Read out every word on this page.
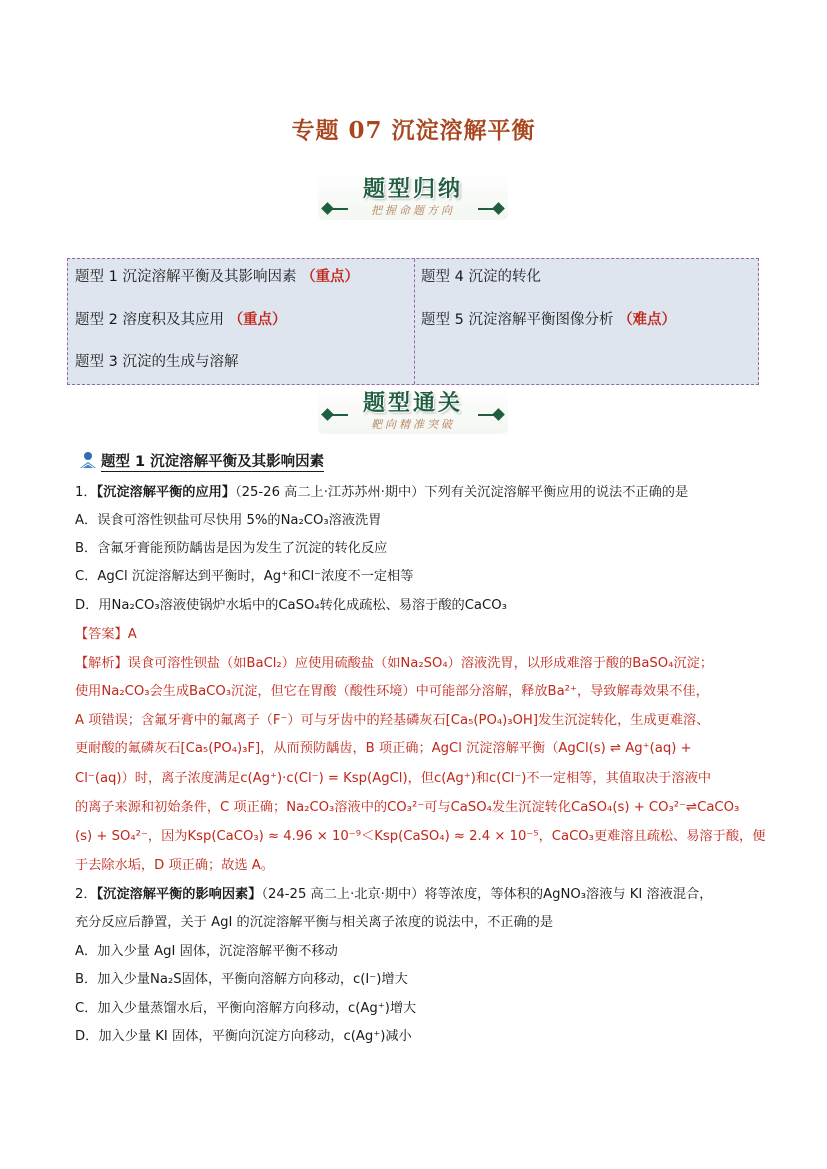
专题 07 沉淀溶解平衡
题型归纳
把握命题方向
题型 1 沉淀溶解平衡及其影响因素 （重点）
题型 2 溶度积及其应用 （重点）
题型 3 沉淀的生成与溶解
题型 4 沉淀的转化
题型 5 沉淀溶解平衡图像分析 （难点）
题型通关
靶向精准突破
题型 1 沉淀溶解平衡及其影响因素
1．【沉淀溶解平衡的应用】（25-26 高二上·江苏苏州·期中）下列有关沉淀溶解平衡应用的说法不正确的是
A．误食可溶性钡盐可尽快用 5%的Na₂CO₃溶液洗胃
B．含氟牙膏能预防龋齿是因为发生了沉淀的转化反应
C．AgCl 沉淀溶解达到平衡时，Ag⁺和Cl⁻浓度不一定相等
D．用Na₂CO₃溶液使锅炉水垢中的CaSO₄转化成疏松、易溶于酸的CaCO₃
【答案】A
【解析】误食可溶性钡盐（如BaCl₂）应使用硫酸盐（如Na₂SO₄）溶液洗胃，以形成难溶于酸的BaSO₄沉淀；
使用Na₂CO₃会生成BaCO₃沉淀，但它在胃酸（酸性环境）中可能部分溶解，释放Ba²⁺，导致解毒效果不佳，
A 项错误；含氟牙膏中的氟离子（F⁻）可与牙齿中的羟基磷灰石[Ca₅(PO₄)₃OH]发生沉淀转化，生成更难溶、
更耐酸的氟磷灰石[Ca₅(PO₄)₃F]，从而预防龋齿，B 项正确；AgCl 沉淀溶解平衡（AgCl(s) ⇌ Ag⁺(aq) +
Cl⁻(aq)）时，离子浓度满足c(Ag⁺)·c(Cl⁻) = Ksp(AgCl)，但c(Ag⁺)和c(Cl⁻)不一定相等，其值取决于溶液中
的离子来源和初始条件，C 项正确；Na₂CO₃溶液中的CO₃²⁻可与CaSO₄发生沉淀转化CaSO₄(s) + CO₃²⁻⇌CaCO₃
(s) + SO₄²⁻，因为Ksp(CaCO₃) ≈ 4.96 × 10⁻⁹＜Ksp(CaSO₄) ≈ 2.4 × 10⁻⁵，CaCO₃更难溶且疏松、易溶于酸，便
于去除水垢，D 项正确；故选 A。
2．【沉淀溶解平衡的影响因素】（24-25 高二上·北京·期中）将等浓度，等体积的AgNO₃溶液与 KI 溶液混合，
充分反应后静置，关于 AgI 的沉淀溶解平衡与相关离子浓度的说法中，不正确的是
A．加入少量 AgI 固体，沉淀溶解平衡不移动
B．加入少量Na₂S固体，平衡向溶解方向移动，c(I⁻)增大
C．加入少量蒸馏水后，平衡向溶解方向移动，c(Ag⁺)增大
D．加入少量 KI 固体，平衡向沉淀方向移动，c(Ag⁺)减小
